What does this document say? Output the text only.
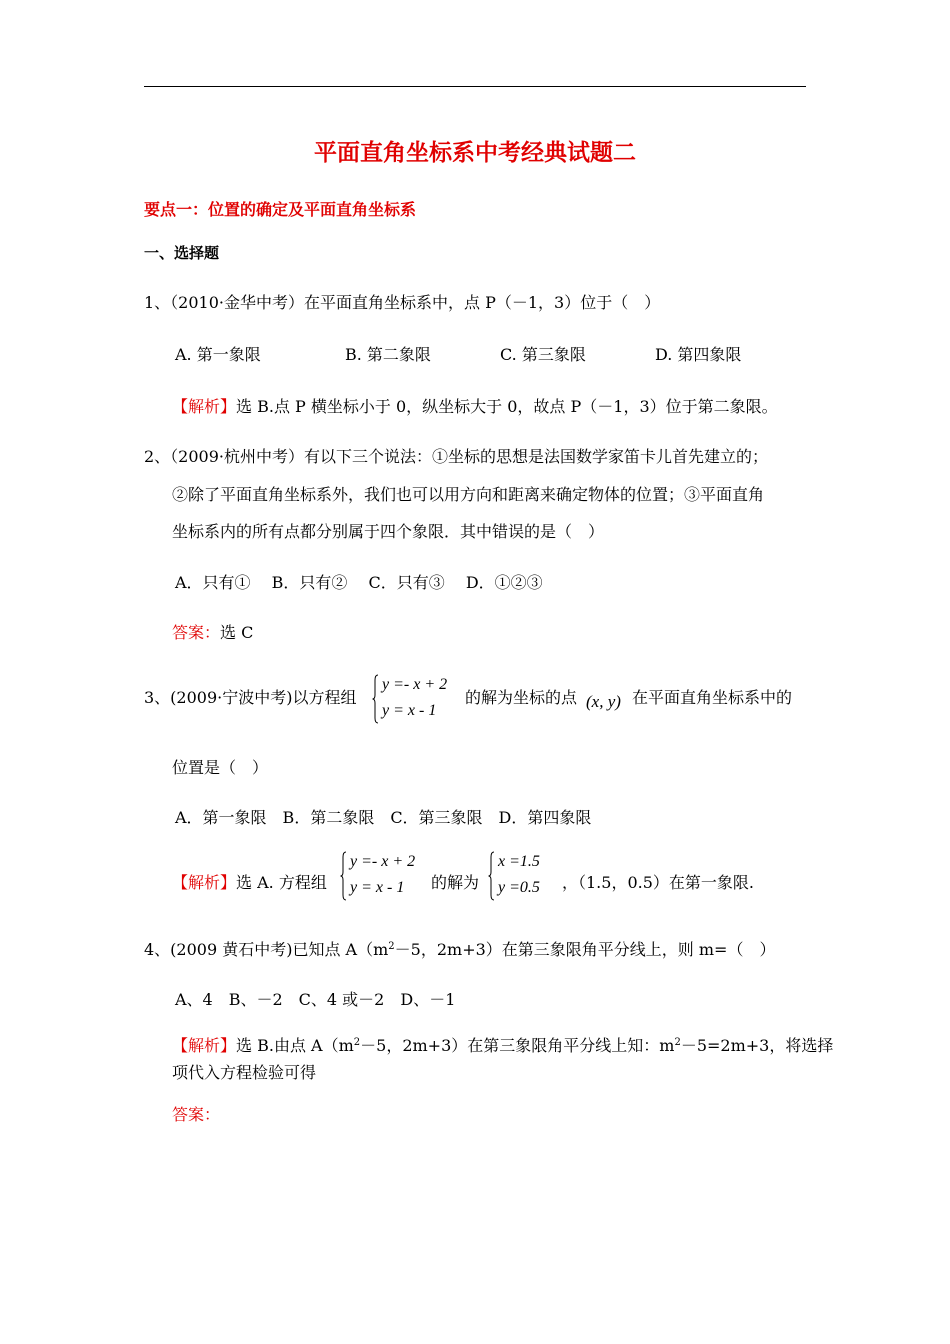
平面直角坐标系中考经典试题二
要点一：位置的确定及平面直角坐标系
一、选择题
1、（2010·金华中考）在平面直角坐标系中，点 P（－1，3）位于（　）
A. 第一象限	B. 第二象限	C. 第三象限	D. 第四象限
【解析】选 B.点 P 横坐标小于 0，纵坐标大于 0，故点 P（－1，3）位于第二象限。
2、（2009·杭州中考）有以下三个说法：①坐标的思想是法国数学家笛卡儿首先建立的；
②除了平面直角坐标系外，我们也可以用方向和距离来确定物体的位置；③平面直角
坐标系内的所有点都分别属于四个象限．其中错误的是（　）
A．只有①　 B．只有②　 C．只有③　 D．①②③
答案：选 C
3、(2009·宁波中考)以方程组
y =- x + 2
y = x - 1
的解为坐标的点 (x, y) 在平面直角坐标系中的
位置是（　）
A．第一象限　B．第二象限　C．第三象限　D．第四象限
【解析】选 A. 方程组
y =- x + 2
y = x - 1 的解为
x =1.5
y =0.5 ，（1.5，0.5）在第一象限.
4、(2009 黄石中考)已知点 $A(m^2-5$，2m+3）在第三象限角平分线上，则 m=（　）
A、4　B、－2　C、4 或－2　D、－1
【解析】选 B.由点 $A(m^2-5$，2m+3）在第三象限角平分线上知：$m^2-5=2m+3$，将选择
项代入方程检验可得
答案：
